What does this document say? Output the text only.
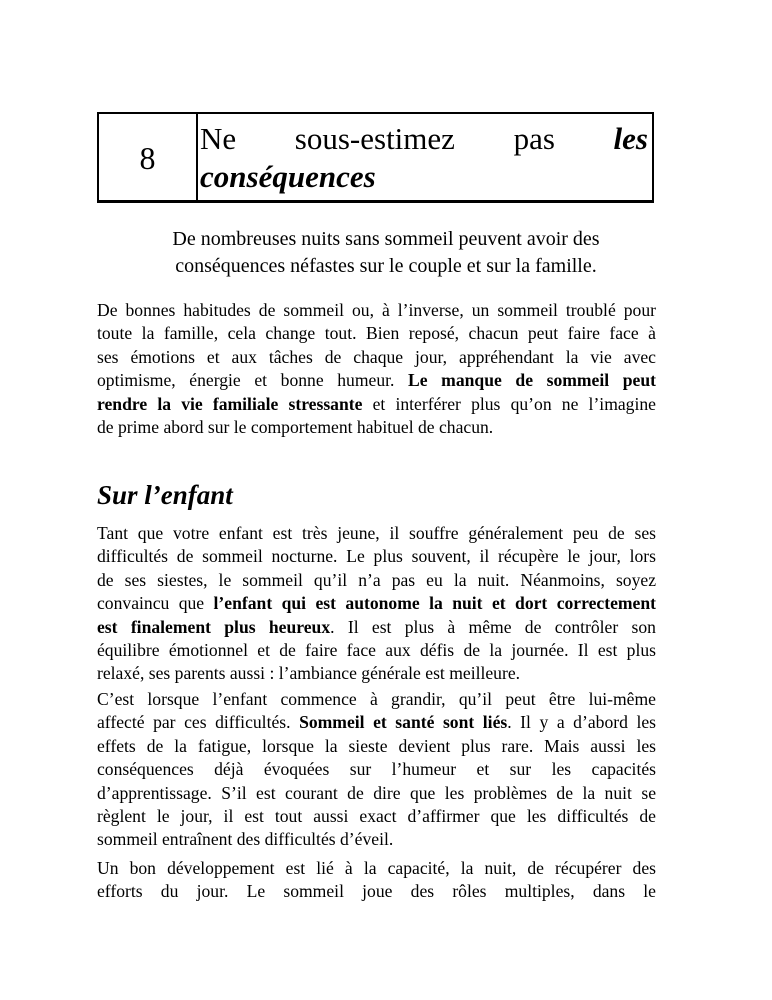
8
Ne sous-estimez pas les
conséquences
De nombreuses nuits sans sommeil peuvent avoir des
conséquences néfastes sur le couple et sur la famille.
De bonnes habitudes de sommeil ou, à l’inverse, un sommeil troublé pour
toute la famille, cela change tout. Bien reposé, chacun peut faire face à
ses émotions et aux tâches de chaque jour, appréhendant la vie avec
optimisme, énergie et bonne humeur. Le manque de sommeil peut
rendre la vie familiale stressante et interférer plus qu’on ne l’imagine
de prime abord sur le comportement habituel de chacun.
Sur l’enfant
Tant que votre enfant est très jeune, il souffre généralement peu de ses
difficultés de sommeil nocturne. Le plus souvent, il récupère le jour, lors
de ses siestes, le sommeil qu’il n’a pas eu la nuit. Néanmoins, soyez
convaincu que l’enfant qui est autonome la nuit et dort correctement
est finalement plus heureux. Il est plus à même de contrôler son
équilibre émotionnel et de faire face aux défis de la journée. Il est plus
relaxé, ses parents aussi : l’ambiance générale est meilleure.
C’est lorsque l’enfant commence à grandir, qu’il peut être lui-même
affecté par ces difficultés. Sommeil et santé sont liés. Il y a d’abord les
effets de la fatigue, lorsque la sieste devient plus rare. Mais aussi les
conséquences déjà évoquées sur l’humeur et sur les capacités
d’apprentissage. S’il est courant de dire que les problèmes de la nuit se
règlent le jour, il est tout aussi exact d’affirmer que les difficultés de
sommeil entraînent des difficultés d’éveil.
Un bon développement est lié à la capacité, la nuit, de récupérer des
efforts du jour. Le sommeil joue des rôles multiples, dans le
